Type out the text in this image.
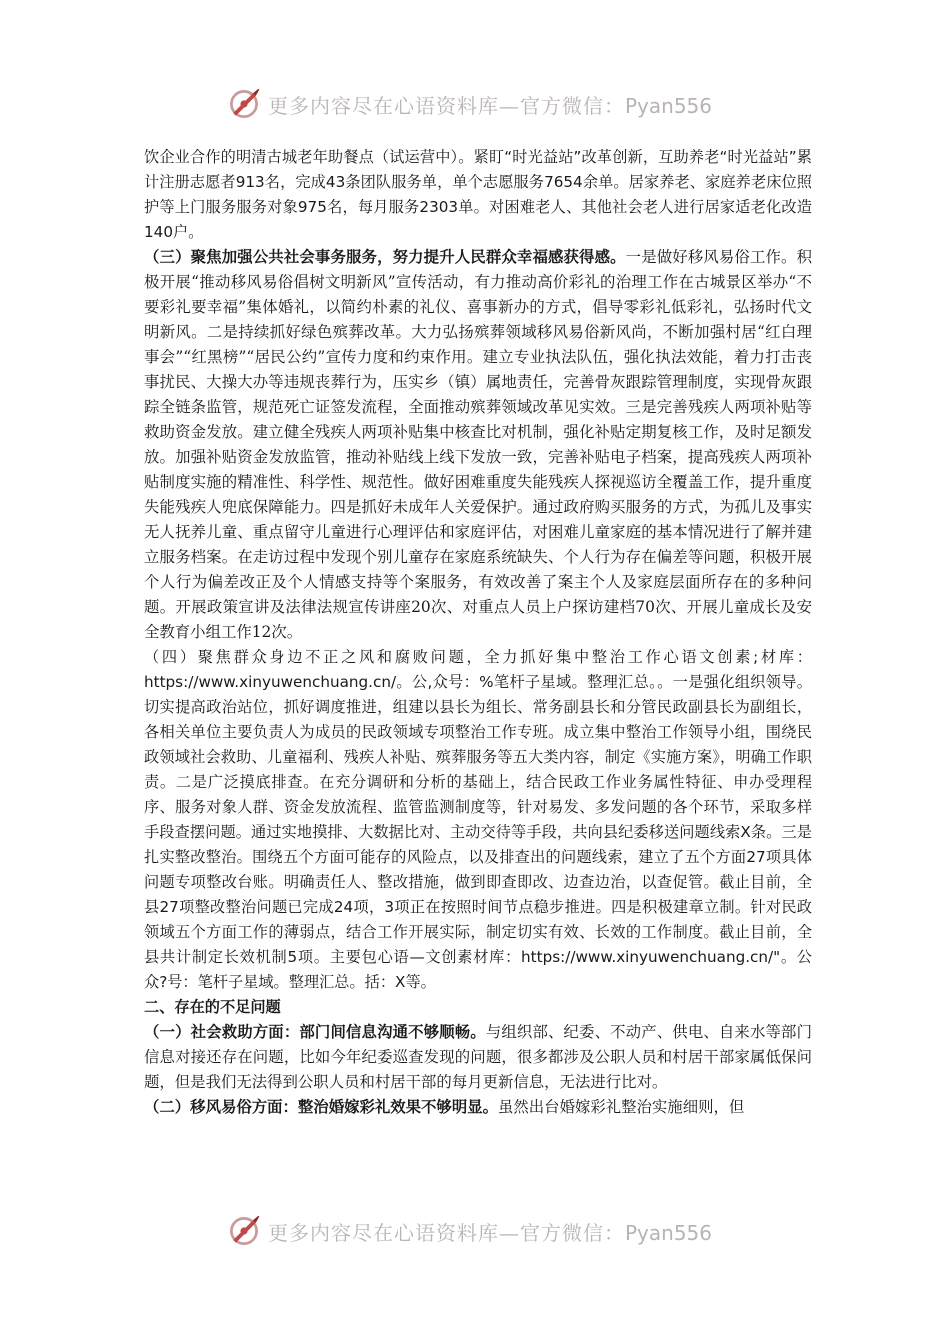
更多内容尽在心语资料库—官方微信：Pyan556

饮企业合作的明清古城老年助餐点（试运营中）。紧盯“时光益站”改革创新，互助养老“时光益站”累计注册志愿者913名，完成43条团队服务单，单个志愿服务7654余单。居家养老、家庭养老床位照护等上门服务服务对象975名，每月服务2303单。对困难老人、其他社会老人进行居家适老化改造140户。

（三）聚焦加强公共社会事务服务，努力提升人民群众幸福感获得感。一是做好移风易俗工作。积极开展“推动移风易俗倡树文明新风”宣传活动，有力推动高价彩礼的治理工作在古城景区举办“不要彩礼要幸福”集体婚礼，以简约朴素的礼仪、喜事新办的方式，倡导零彩礼低彩礼，弘扬时代文明新风。二是持续抓好绿色殡葬改革。大力弘扬殡葬领域移风易俗新风尚，不断加强村居“红白理事会”“红黑榜”“居民公约”宣传力度和约束作用。建立专业执法队伍，强化执法效能，着力打击丧事扰民、大操大办等违规丧葬行为，压实乡（镇）属地责任，完善骨灰跟踪管理制度，实现骨灰跟踪全链条监管，规范死亡证签发流程，全面推动殡葬领域改革见实效。三是完善残疾人两项补贴等救助资金发放。建立健全残疾人两项补贴集中核查比对机制，强化补贴定期复核工作，及时足额发放。加强补贴资金发放监管，推动补贴线上线下发放一致，完善补贴电子档案，提高残疾人两项补贴制度实施的精准性、科学性、规范性。做好困难重度失能残疾人探视巡访全覆盖工作，提升重度失能残疾人兜底保障能力。四是抓好未成年人关爱保护。通过政府购买服务的方式，为孤儿及事实无人抚养儿童、重点留守儿童进行心理评估和家庭评估，对困难儿童家庭的基本情况进行了解并建立服务档案。在走访过程中发现个别儿童存在家庭系统缺失、个人行为存在偏差等问题，积极开展个人行为偏差改正及个人情感支持等个案服务，有效改善了案主个人及家庭层面所存在的多种问题。开展政策宣讲及法律法规宣传讲座20次、对重点人员上户探访建档70次、开展儿童成长及安全教育小组工作12次。

（四）聚焦群众身边不正之风和腐败问题，全力抓好集中整治工作心语文创素;材库：https://www.xinyuwenchuang.cn/。公,众号：%笔杆子星域。整理汇总。。一是强化组织领导。切实提高政治站位，抓好调度推进，组建以县长为组长、常务副县长和分管民政副县长为副组长，各相关单位主要负责人为成员的民政领域专项整治工作专班。成立集中整治工作领导小组，围绕民政领域社会救助、儿童福利、残疾人补贴、殡葬服务等五大类内容，制定《实施方案》，明确工作职责。二是广泛摸底排查。在充分调研和分析的基础上，结合民政工作业务属性特征、申办受理程序、服务对象人群、资金发放流程、监管监测制度等，针对易发、多发问题的各个环节，采取多样手段查摆问题。通过实地摸排、大数据比对、主动交待等手段，共向县纪委移送问题线索X条。三是扎实整改整治。围绕五个方面可能存的风险点，以及排查出的问题线索，建立了五个方面27项具体问题专项整改台账。明确责任人、整改措施，做到即查即改、边查边治，以查促管。截止目前，全县27项整改整治问题已完成24项，3项正在按照时间节点稳步推进。四是积极建章立制。针对民政领域五个方面工作的薄弱点，结合工作开展实际，制定切实有效、长效的工作制度。截止目前，全县共计制定长效机制5项。主要包心语—文创素材库：https://www.xinyuwenchuang.cn/"。公众?号：笔杆子星域。整理汇总。括：X等。

二、存在的不足问题

（一）社会救助方面：部门间信息沟通不够顺畅。与组织部、纪委、不动产、供电、自来水等部门信息对接还存在问题，比如今年纪委巡查发现的问题，很多都涉及公职人员和村居干部家属低保问题，但是我们无法得到公职人员和村居干部的每月更新信息，无法进行比对。

（二）移风易俗方面：整治婚嫁彩礼效果不够明显。虽然出台婚嫁彩礼整治实施细则，但

更多内容尽在心语资料库—官方微信：Pyan556
